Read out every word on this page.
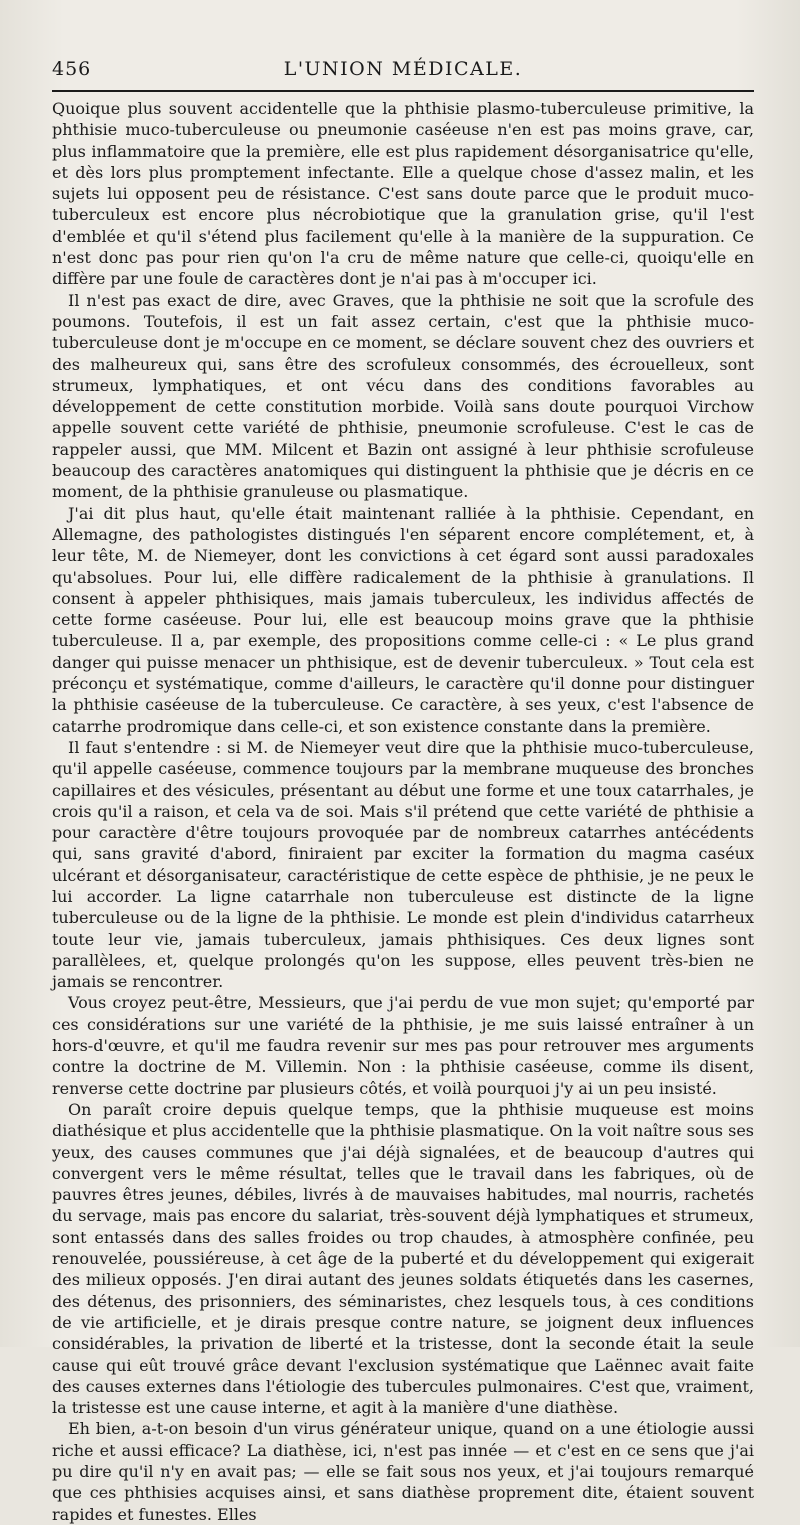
456	L'UNION MÉDICALE.

Quoique plus souvent accidentelle que la phthisie plasmo-tuberculeuse primitive, la phthisie muco-tuberculeuse ou pneumonie caséeuse n'en est pas moins grave, car, plus inflammatoire que la première, elle est plus rapidement désorganisatrice qu'elle, et dès lors plus promptement infectante. Elle a quelque chose d'assez malin, et les sujets lui opposent peu de résistance. C'est sans doute parce que le produit muco-tuberculeux est encore plus nécrobiotique que la granulation grise, qu'il l'est d'emblée et qu'il s'étend plus facilement qu'elle à la manière de la suppuration. Ce n'est donc pas pour rien qu'on l'a cru de même nature que celle-ci, quoiqu'elle en diffère par une foule de caractères dont je n'ai pas à m'occuper ici.

Il n'est pas exact de dire, avec Graves, que la phthisie ne soit que la scrofule des poumons. Toutefois, il est un fait assez certain, c'est que la phthisie muco-tuberculeuse dont je m'occupe en ce moment, se déclare souvent chez des ouvriers et des malheureux qui, sans être des scrofuleux consommés, des écrouelleux, sont strumeux, lymphatiques, et ont vécu dans des conditions favorables au développement de cette constitution morbide. Voilà sans doute pourquoi Virchow appelle souvent cette variété de phthisie, pneumonie scrofuleuse. C'est le cas de rappeler aussi, que MM. Milcent et Bazin ont assigné à leur phthisie scrofuleuse beaucoup des caractères anatomiques qui distinguent la phthisie que je décris en ce moment, de la phthisie granuleuse ou plasmatique.

J'ai dit plus haut, qu'elle était maintenant ralliée à la phthisie. Cependant, en Allemagne, des pathologistes distingués l'en séparent encore complétement, et, à leur tête, M. de Niemeyer, dont les convictions à cet égard sont aussi paradoxales qu'absolues. Pour lui, elle diffère radicalement de la phthisie à granulations. Il consent à appeler phthisiques, mais jamais tuberculeux, les individus affectés de cette forme caséeuse. Pour lui, elle est beaucoup moins grave que la phthisie tuberculeuse. Il a, par exemple, des propositions comme celle-ci : « Le plus grand danger qui puisse menacer un phthisique, est de devenir tuberculeux. » Tout cela est préconçu et systématique, comme d'ailleurs, le caractère qu'il donne pour distinguer la phthisie caséeuse de la tuberculeuse. Ce caractère, à ses yeux, c'est l'absence de catarrhe prodromique dans celle-ci, et son existence constante dans la première.

Il faut s'entendre : si M. de Niemeyer veut dire que la phthisie muco-tuberculeuse, qu'il appelle caséeuse, commence toujours par la membrane muqueuse des bronches capillaires et des vésicules, présentant au début une forme et une toux catarrhales, je crois qu'il a raison, et cela va de soi. Mais s'il prétend que cette variété de phthisie a pour caractère d'être toujours provoquée par de nombreux catarrhes antécédents qui, sans gravité d'abord, finiraient par exciter la formation du magma caséux ulcérant et désorganisateur, caractéristique de cette espèce de phthisie, je ne peux le lui accorder. La ligne catarrhale non tuberculeuse est distincte de la ligne tuberculeuse ou de la ligne de la phthisie. Le monde est plein d'individus catarrheux toute leur vie, jamais tuberculeux, jamais phthisiques. Ces deux lignes sont parallèlees, et, quelque prolongés qu'on les suppose, elles peuvent très-bien ne jamais se rencontrer.

Vous croyez peut-être, Messieurs, que j'ai perdu de vue mon sujet; qu'emporté par ces considérations sur une variété de la phthisie, je me suis laissé entraîner à un hors-d'œuvre, et qu'il me faudra revenir sur mes pas pour retrouver mes arguments contre la doctrine de M. Villemin. Non : la phthisie caséeuse, comme ils disent, renverse cette doctrine par plusieurs côtés, et voilà pourquoi j'y ai un peu insisté.

On paraît croire depuis quelque temps, que la phthisie muqueuse est moins diathésique et plus accidentelle que la phthisie plasmatique. On la voit naître sous ses yeux, des causes communes que j'ai déjà signalées, et de beaucoup d'autres qui convergent vers le même résultat, telles que le travail dans les fabriques, où de pauvres êtres jeunes, débiles, livrés à de mauvaises habitudes, mal nourris, rachetés du servage, mais pas encore du salariat, très-souvent déjà lymphatiques et strumeux, sont entassés dans des salles froides ou trop chaudes, à atmosphère confinée, peu renouvelée, poussiéreuse, à cet âge de la puberté et du développement qui exigerait des milieux opposés. J'en dirai autant des jeunes soldats étiquetés dans les casernes, des détenus, des prisonniers, des séminaristes, chez lesquels tous, à ces conditions de vie artificielle, et je dirais presque contre nature, se joignent deux influences considérables, la privation de liberté et la tristesse, dont la seconde était la seule cause qui eût trouvé grâce devant l'exclusion systématique que Laënnec avait faite des causes externes dans l'étiologie des tubercules pulmonaires. C'est que, vraiment, la tristesse est une cause interne, et agit à la manière d'une diathèse.

Eh bien, a-t-on besoin d'un virus générateur unique, quand on a une étiologie aussi riche et aussi efficace? La diathèse, ici, n'est pas innée — et c'est en ce sens que j'ai pu dire qu'il n'y en avait pas; — elle se fait sous nos yeux, et j'ai toujours remarqué que ces phthisies acquises ainsi, et sans diathèse proprement dite, étaient souvent rapides et funestes. Elles
